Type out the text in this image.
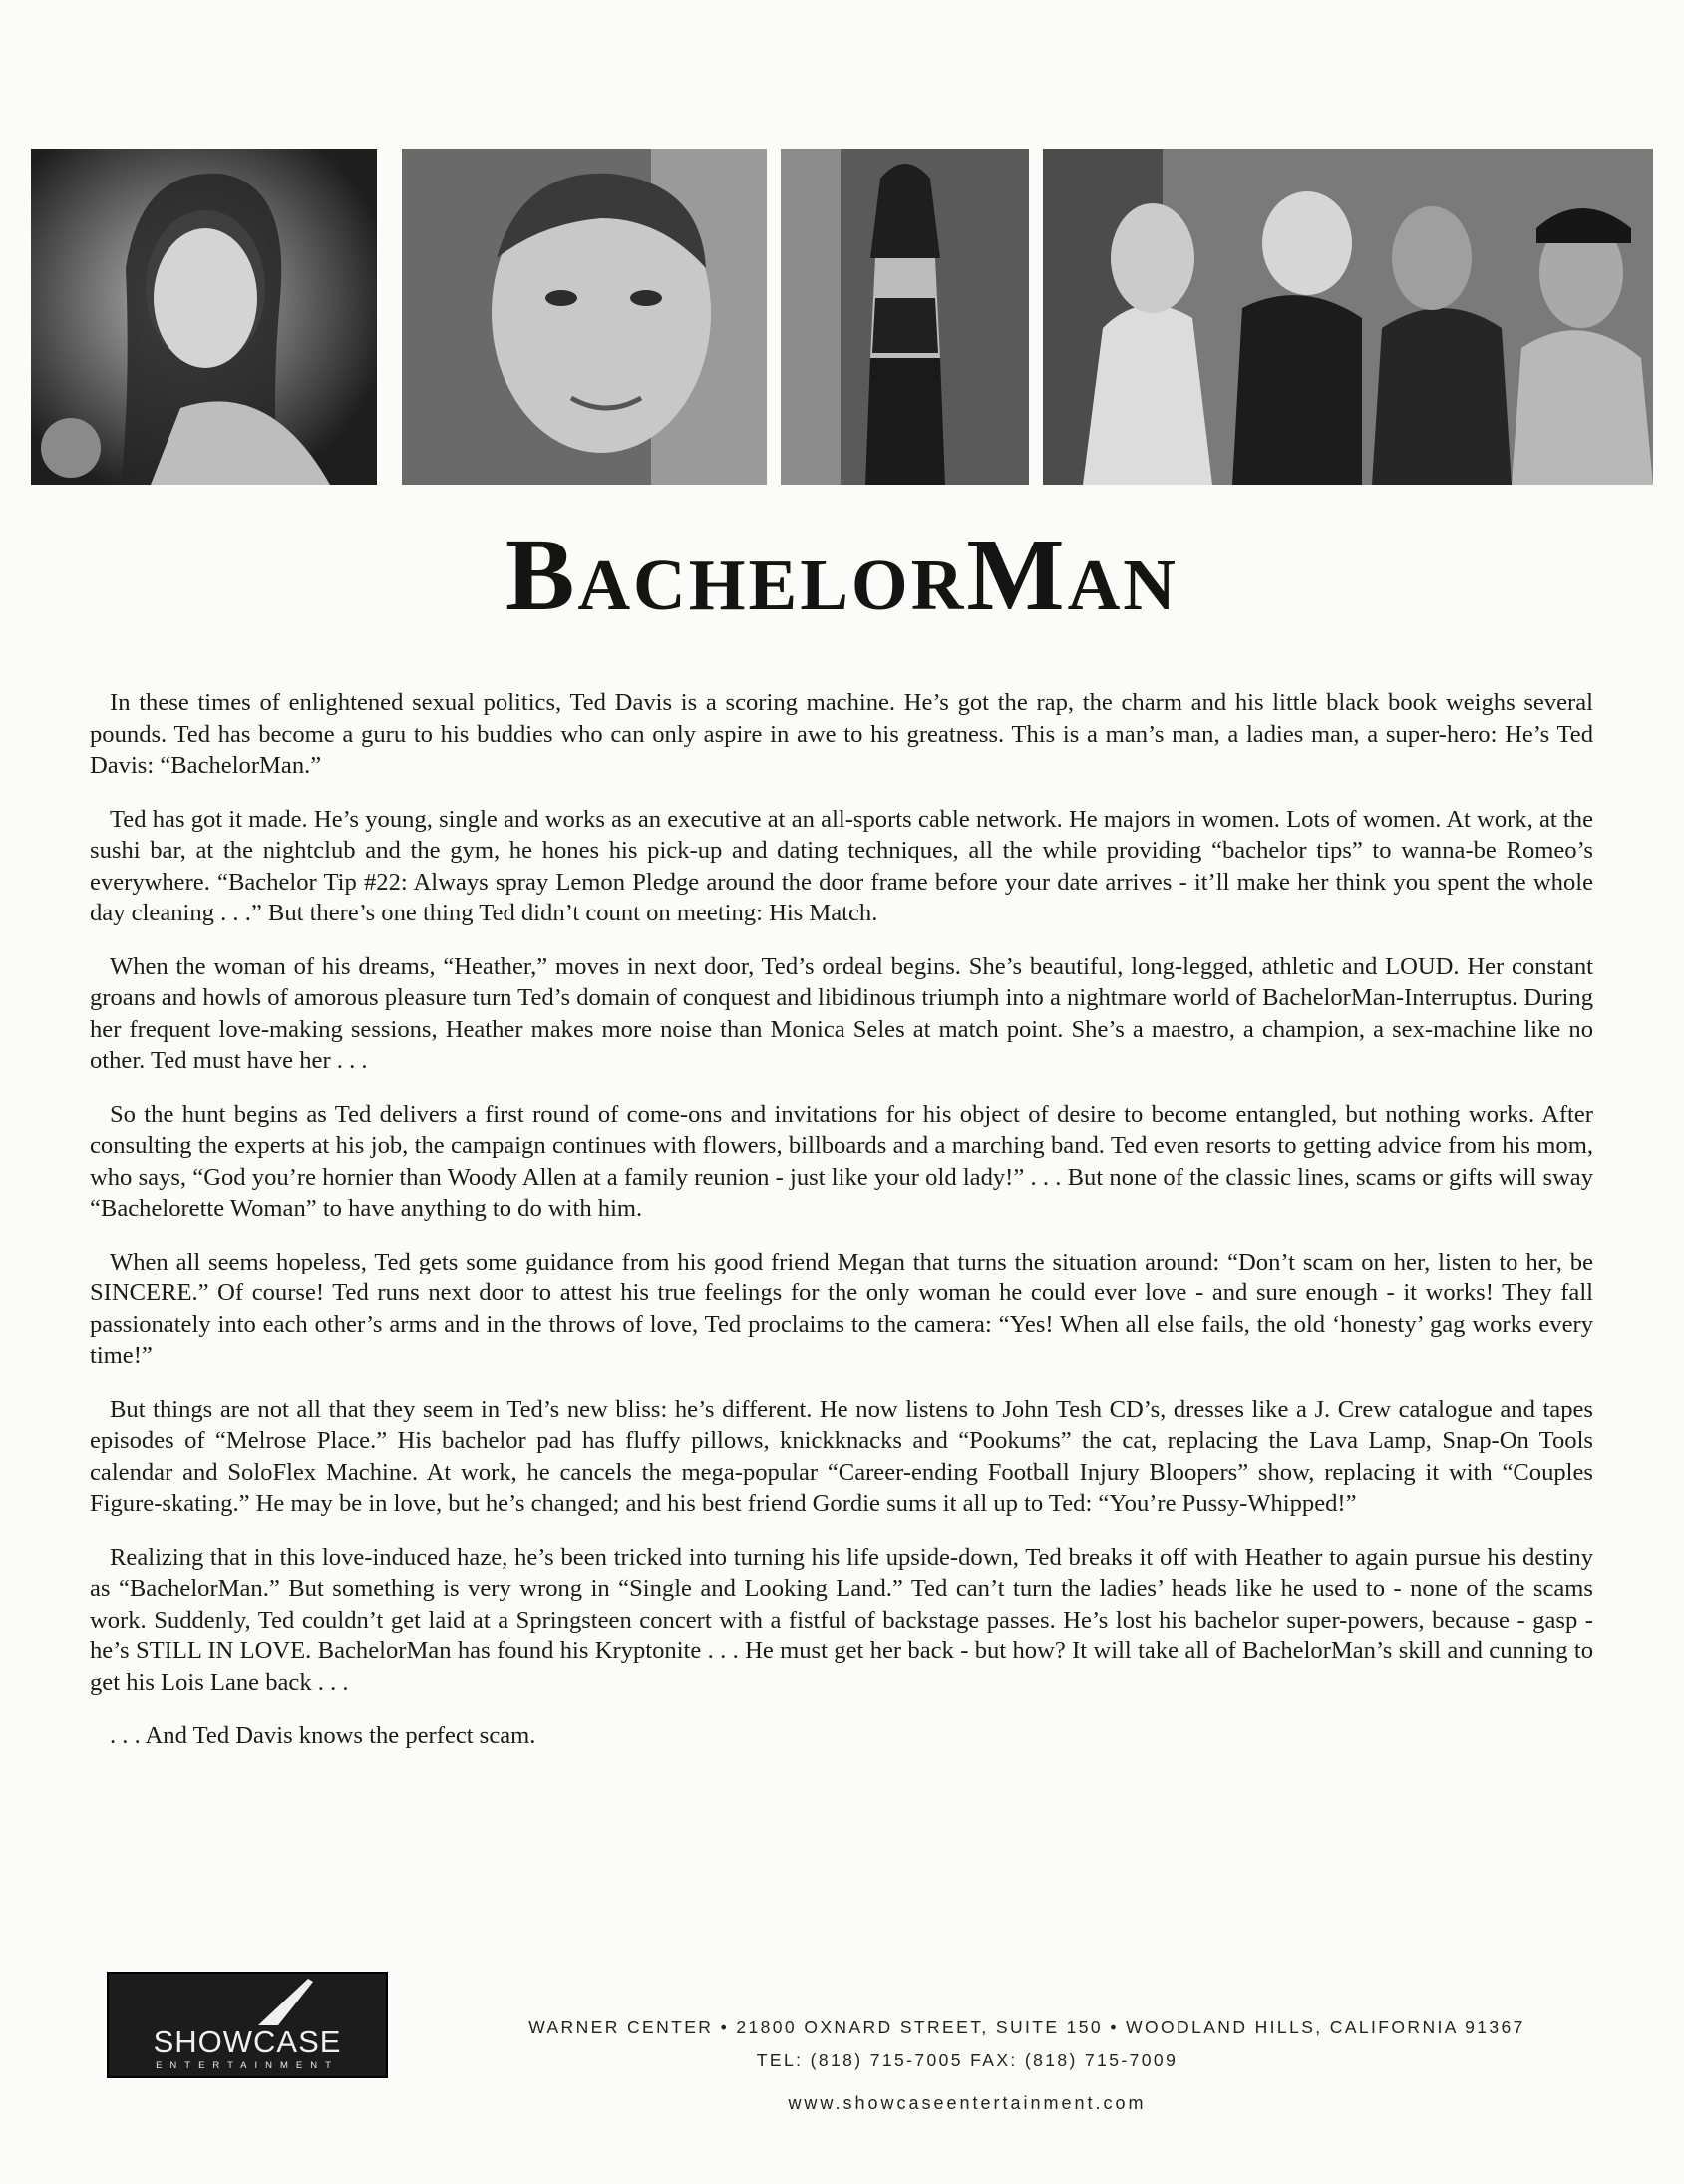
BachelorMan

In these times of enlightened sexual politics, Ted Davis is a scoring machine. He’s got the rap, the charm and his little black book weighs several pounds. Ted has become a guru to his buddies who can only aspire in awe to his greatness. This is a man’s man, a ladies man, a super-hero: He’s Ted Davis: “BachelorMan.”

Ted has got it made. He’s young, single and works as an executive at an all-sports cable network. He majors in women. Lots of women. At work, at the sushi bar, at the nightclub and the gym, he hones his pick-up and dating techniques, all the while providing “bachelor tips” to wanna-be Romeo’s everywhere. “Bachelor Tip #22: Always spray Lemon Pledge around the door frame before your date arrives - it’ll make her think you spent the whole day cleaning . . .” But there’s one thing Ted didn’t count on meeting: His Match.

When the woman of his dreams, “Heather,” moves in next door, Ted’s ordeal begins. She’s beautiful, long-legged, athletic and LOUD. Her constant groans and howls of amorous pleasure turn Ted’s domain of conquest and libidinous triumph into a nightmare world of BachelorMan-Interruptus. During her frequent love-making sessions, Heather makes more noise than Monica Seles at match point. She’s a maestro, a champion, a sex-machine like no other. Ted must have her . . .

So the hunt begins as Ted delivers a first round of come-ons and invitations for his object of desire to become entangled, but nothing works. After consulting the experts at his job, the campaign continues with flowers, billboards and a marching band. Ted even resorts to getting advice from his mom, who says, “God you’re hornier than Woody Allen at a family reunion - just like your old lady!” . . . But none of the classic lines, scams or gifts will sway “Bachelorette Woman” to have anything to do with him.

When all seems hopeless, Ted gets some guidance from his good friend Megan that turns the situation around: “Don’t scam on her, listen to her, be SINCERE.” Of course! Ted runs next door to attest his true feelings for the only woman he could ever love - and sure enough - it works! They fall passionately into each other’s arms and in the throws of love, Ted proclaims to the camera: “Yes! When all else fails, the old ‘honesty’ gag works every time!”

But things are not all that they seem in Ted’s new bliss: he’s different. He now listens to John Tesh CD’s, dresses like a J. Crew catalogue and tapes episodes of “Melrose Place.” His bachelor pad has fluffy pillows, knickknacks and “Pookums” the cat, replacing the Lava Lamp, Snap-On Tools calendar and SoloFlex Machine. At work, he cancels the mega-popular “Career-ending Football Injury Bloopers” show, replacing it with “Couples Figure-skating.” He may be in love, but he’s changed; and his best friend Gordie sums it all up to Ted: “You’re Pussy-Whipped!”

Realizing that in this love-induced haze, he’s been tricked into turning his life upside-down, Ted breaks it off with Heather to again pursue his destiny as “BachelorMan.” But something is very wrong in “Single and Looking Land.” Ted can’t turn the ladies’ heads like he used to - none of the scams work. Suddenly, Ted couldn’t get laid at a Springsteen concert with a fistful of backstage passes. He’s lost his bachelor super-powers, because - gasp - he’s STILL IN LOVE. BachelorMan has found his Kryptonite . . . He must get her back - but how? It will take all of BachelorMan’s skill and cunning to get his Lois Lane back . . .

. . . And Ted Davis knows the perfect scam.

SHOWCASE
ENTERTAINMENT
WARNER CENTER • 21800 OXNARD STREET, SUITE 150 • WOODLAND HILLS, CALIFORNIA 91367
TEL: (818) 715-7005 FAX: (818) 715-7009
www.showcaseentertainment.com
